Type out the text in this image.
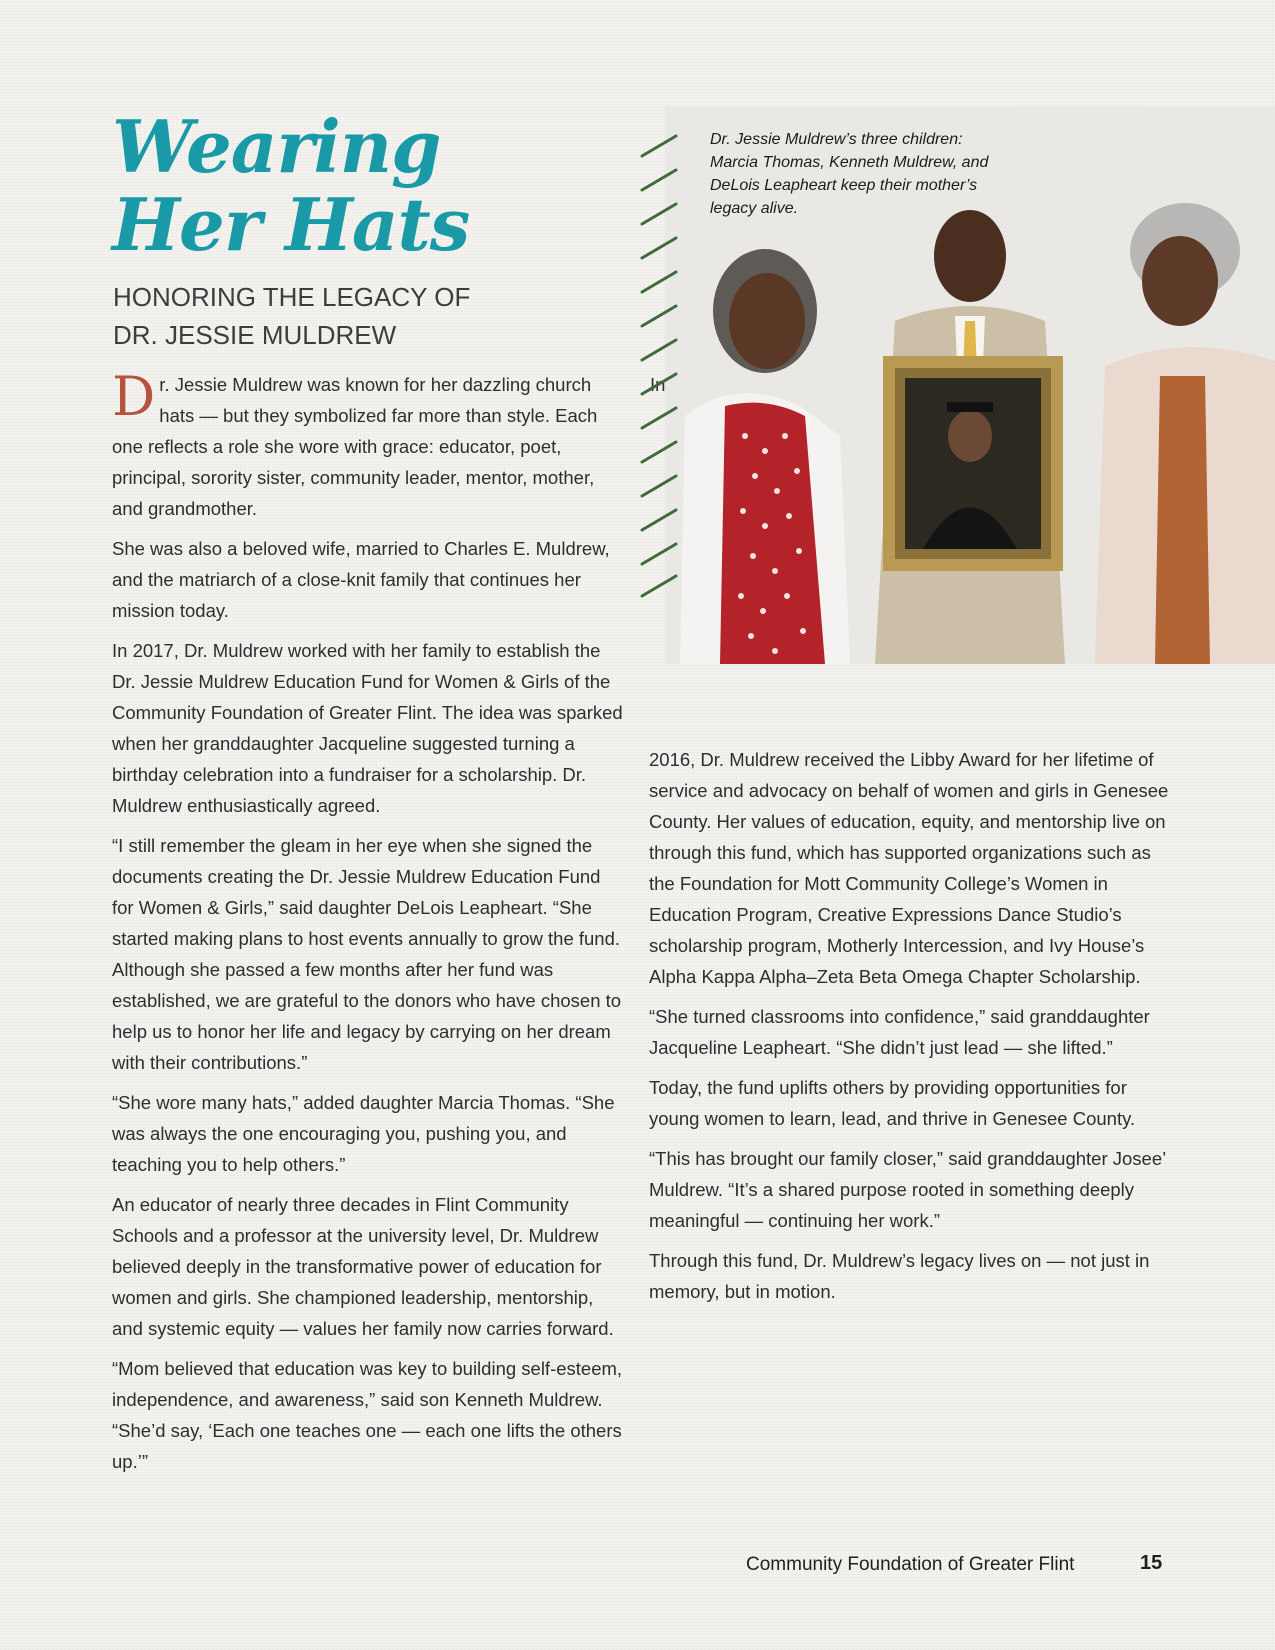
Wearing
Her Hats
HONORING THE LEGACY OF
DR. JESSIE MULDREW

Dr. Jessie Muldrew was known for her dazzling church hats — but they symbolized far more than style. Each one reflects a role she wore with grace: educator, poet, principal, sorority sister, community leader, mentor, mother, and grandmother.

She was also a beloved wife, married to Charles E. Muldrew, and the matriarch of a close-knit family that continues her mission today.

In 2017, Dr. Muldrew worked with her family to establish the Dr. Jessie Muldrew Education Fund for Women & Girls of the Community Foundation of Greater Flint. The idea was sparked when her granddaughter Jacqueline suggested turning a birthday celebration into a fundraiser for a scholarship. Dr. Muldrew enthusiastically agreed.

“I still remember the gleam in her eye when she signed the documents creating the Dr. Jessie Muldrew Education Fund for Women & Girls,” said daughter DeLois Leapheart. “She started making plans to host events annually to grow the fund. Although she passed a few months after her fund was established, we are grateful to the donors who have chosen to help us to honor her life and legacy by carrying on her dream with their contributions.”

“She wore many hats,” added daughter Marcia Thomas. “She was always the one encouraging you, pushing you, and teaching you to help others.”

An educator of nearly three decades in Flint Community Schools and a professor at the university level, Dr. Muldrew believed deeply in the transformative power of education for women and girls. She championed leadership, mentorship, and systemic equity — values her family now carries forward.

“Mom believed that education was key to building self-esteem, independence, and awareness,” said son Kenneth Muldrew. “She’d say, ‘Each one teaches one — each one lifts the others up.’”

In

Dr. Jessie Muldrew’s three children: Marcia Thomas, Kenneth Muldrew, and DeLois Leapheart keep their mother’s legacy alive.

2016, Dr. Muldrew received the Libby Award for her lifetime of service and advocacy on behalf of women and girls in Genesee County. Her values of education, equity, and mentorship live on through this fund, which has supported organizations such as the Foundation for Mott Community College’s Women in Education Program, Creative Expressions Dance Studio’s scholarship program, Motherly Intercession, and Ivy House’s Alpha Kappa Alpha–Zeta Beta Omega Chapter Scholarship.

“She turned classrooms into confidence,” said granddaughter Jacqueline Leapheart. “She didn’t just lead — she lifted.”

Today, the fund uplifts others by providing opportunities for young women to learn, lead, and thrive in Genesee County.

“This has brought our family closer,” said granddaughter Josee’ Muldrew. “It’s a shared purpose rooted in something deeply meaningful — continuing her work.”

Through this fund, Dr. Muldrew’s legacy lives on — not just in memory, but in motion.

Community Foundation of Greater Flint	15
